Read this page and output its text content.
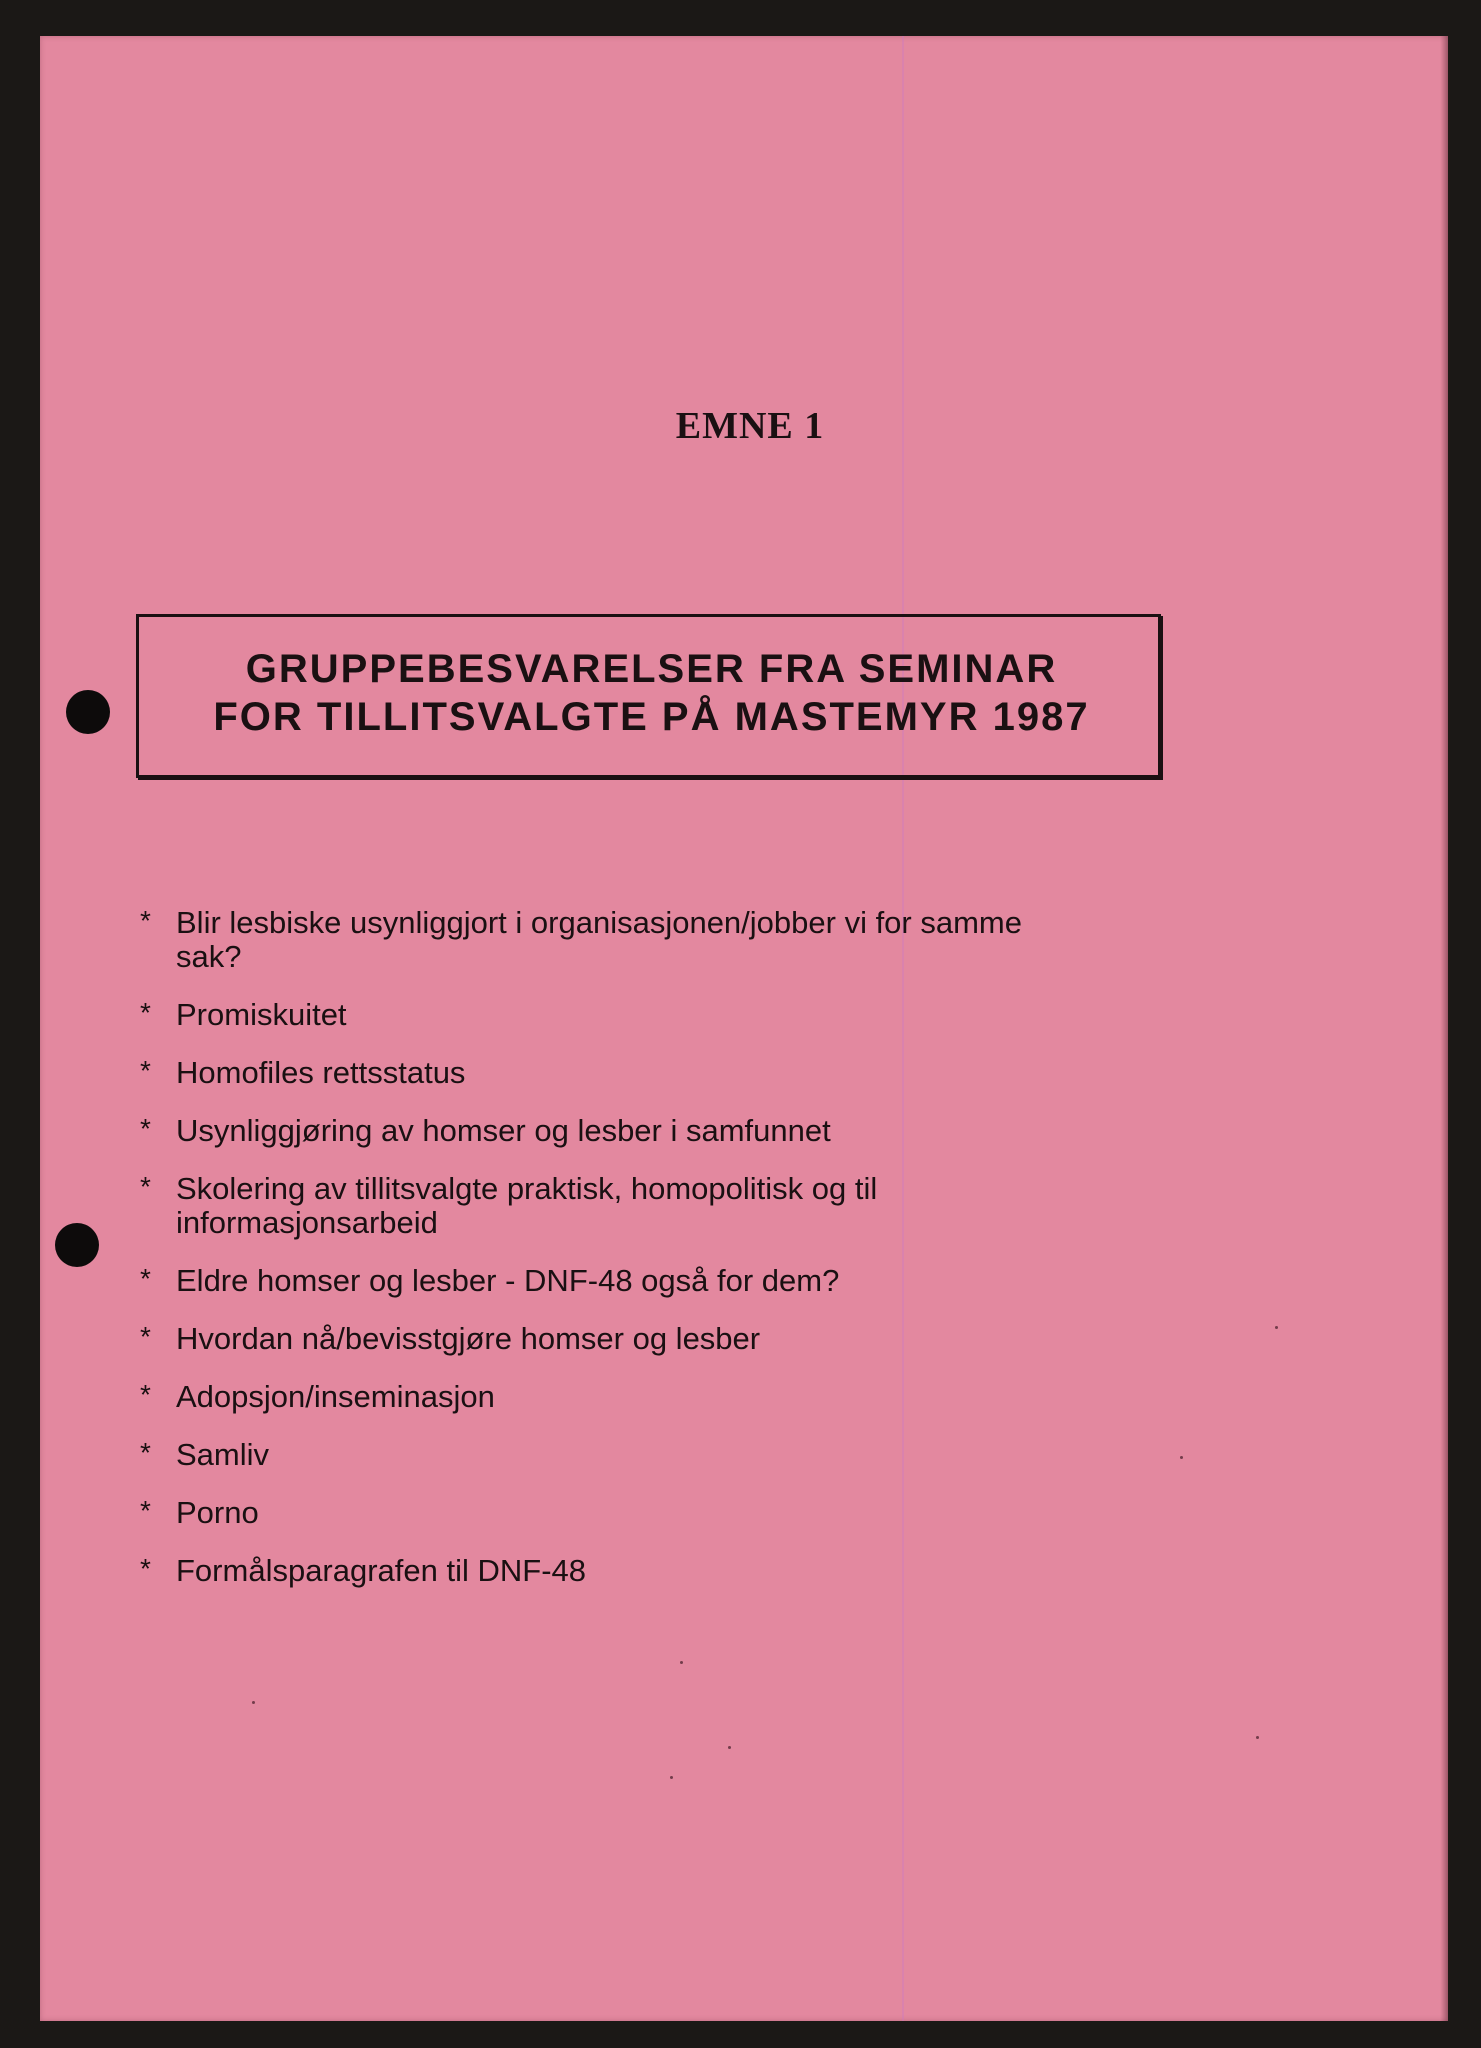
EMNE 1
GRUPPEBESVARELSER FRA SEMINAR
FOR TILLITSVALGTE PÅ MASTEMYR 1987
* Blir lesbiske usynliggjort i organisasjonen/jobber vi for samme sak?
* Promiskuitet
* Homofiles rettsstatus
* Usynliggjøring av homser og lesber i samfunnet
* Skolering av tillitsvalgte praktisk, homopolitisk og til informasjonsarbeid
* Eldre homser og lesber - DNF-48 også for dem?
* Hvordan nå/bevisstgjøre homser og lesber
* Adopsjon/inseminasjon
* Samliv
* Porno
* Formålsparagrafen til DNF-48
